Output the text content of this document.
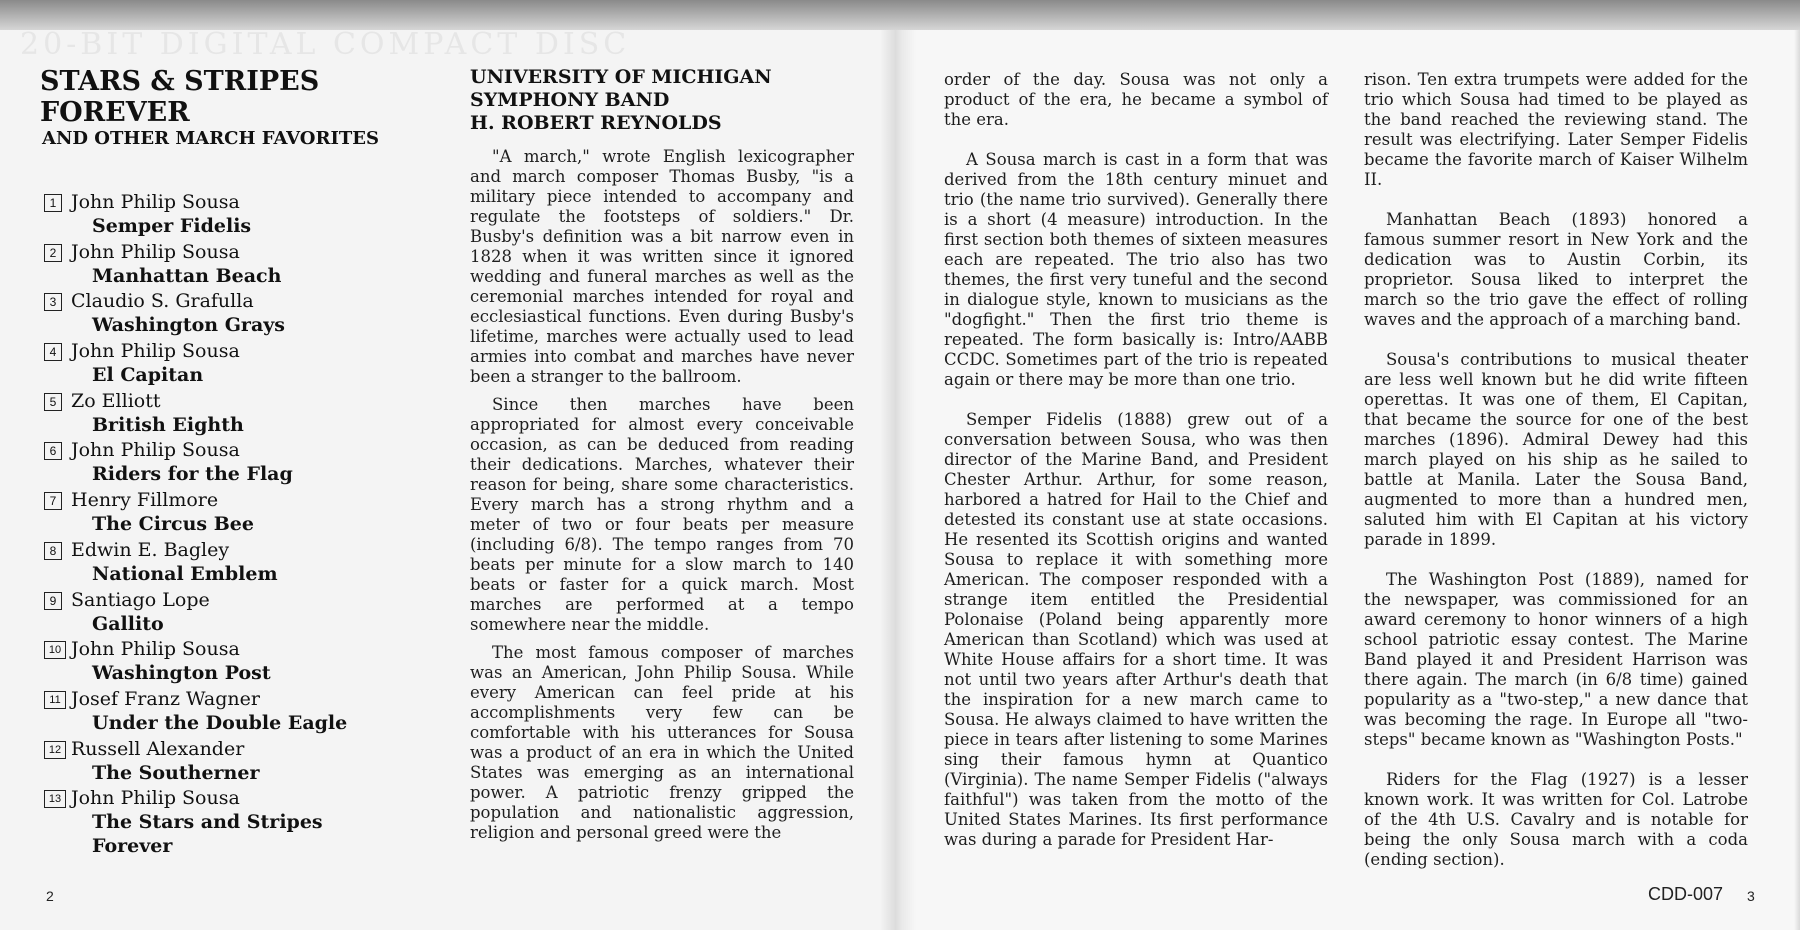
20-BIT DIGITAL COMPACT DISC
STARS & STRIPES
FOREVER
AND OTHER MARCH FAVORITES
1 John Philip Sousa
Semper Fidelis
2 John Philip Sousa
Manhattan Beach
3 Claudio S. Grafulla
Washington Grays
4 John Philip Sousa
El Capitan
5 Zo Elliott
British Eighth
6 John Philip Sousa
Riders for the Flag
7 Henry Fillmore
The Circus Bee
8 Edwin E. Bagley
National Emblem
9 Santiago Lope
Gallito
10 John Philip Sousa
Washington Post
11 Josef Franz Wagner
Under the Double Eagle
12 Russell Alexander
The Southerner
13 John Philip Sousa
The Stars and Stripes
Forever
UNIVERSITY OF MICHIGAN
SYMPHONY BAND
H. ROBERT REYNOLDS

"A march," wrote English lexicographer and march composer Thomas Busby, "is a military piece intended to accompany and regulate the footsteps of soldiers." Dr. Busby's definition was a bit narrow even in 1828 when it was written since it ignored wedding and funeral marches as well as the ceremonial marches intended for royal and ecclesiastical functions. Even during Busby's lifetime, marches were actually used to lead armies into combat and marches have never been a stranger to the ballroom.

Since then marches have been appropriated for almost every conceivable occasion, as can be deduced from reading their dedications. Marches, whatever their reason for being, share some characteristics. Every march has a strong rhythm and a meter of two or four beats per measure (including 6/8). The tempo ranges from 70 beats per minute for a slow march to 140 beats or faster for a quick march. Most marches are performed at a tempo somewhere near the middle.

The most famous composer of marches was an American, John Philip Sousa. While every American can feel pride at his accomplishments very few can be comfortable with his utterances for Sousa was a product of an era in which the United States was emerging as an international power. A patriotic frenzy gripped the population and nationalistic aggression, religion and personal greed were the

order of the day. Sousa was not only a product of the era, he became a symbol of the era.

A Sousa march is cast in a form that was derived from the 18th century minuet and trio (the name trio survived). Generally there is a short (4 measure) introduction. In the first section both themes of sixteen measures each are repeated. The trio also has two themes, the first very tuneful and the second in dialogue style, known to musicians as the "dogfight." Then the first trio theme is repeated. The form basically is: Intro/AABB CCDC. Sometimes part of the trio is repeated again or there may be more than one trio.

Semper Fidelis (1888) grew out of a conversation between Sousa, who was then director of the Marine Band, and President Chester Arthur. Arthur, for some reason, harbored a hatred for Hail to the Chief and detested its constant use at state occasions. He resented its Scottish origins and wanted Sousa to replace it with something more American. The composer responded with a strange item entitled the Presidential Polonaise (Poland being apparently more American than Scotland) which was used at White House affairs for a short time. It was not until two years after Arthur's death that the inspiration for a new march came to Sousa. He always claimed to have written the piece in tears after listening to some Marines sing their famous hymn at Quantico (Virginia). The name Semper Fidelis ("always faithful") was taken from the motto of the United States Marines. Its first performance was during a parade for President Har-

rison. Ten extra trumpets were added for the trio which Sousa had timed to be played as the band reached the reviewing stand. The result was electrifying. Later Semper Fidelis became the favorite march of Kaiser Wilhelm II.

Manhattan Beach (1893) honored a famous summer resort in New York and the dedication was to Austin Corbin, its proprietor. Sousa liked to interpret the march so the trio gave the effect of rolling waves and the approach of a marching band.

Sousa's contributions to musical theater are less well known but he did write fifteen operettas. It was one of them, El Capitan, that became the source for one of the best marches (1896). Admiral Dewey had this march played on his ship as he sailed to battle at Manila. Later the Sousa Band, augmented to more than a hundred men, saluted him with El Capitan at his victory parade in 1899.

The Washington Post (1889), named for the newspaper, was commissioned for an award ceremony to honor winners of a high school patriotic essay contest. The Marine Band played it and President Harrison was there again. The march (in 6/8 time) gained popularity as a "two-step," a new dance that was becoming the rage. In Europe all "two-steps" became known as "Washington Posts."

Riders for the Flag (1927) is a lesser known work. It was written for Col. Latrobe of the 4th U.S. Cavalry and is notable for being the only Sousa march with a coda (ending section).

2	CDD-007 3
